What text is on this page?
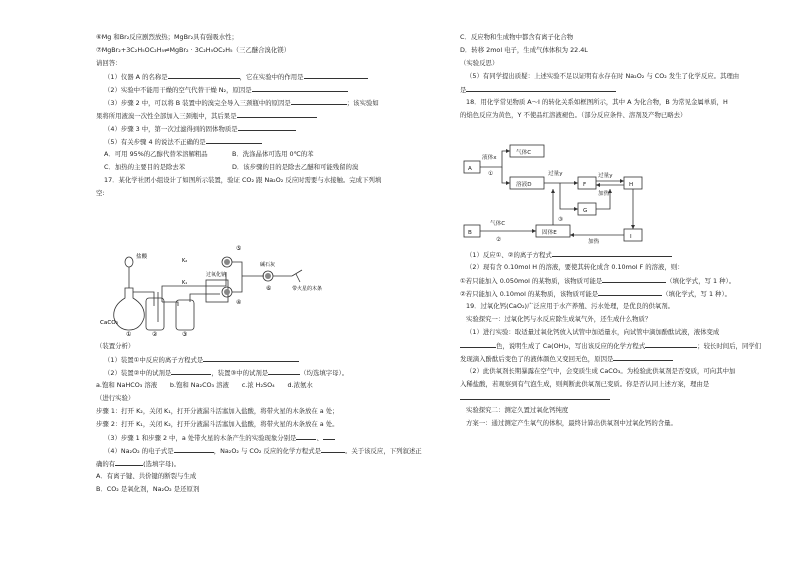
⑥Mg 和Br₂反应剧烈放热；MgBr₂具有强吸水性；
⑦MgBr₂+3C₂H₅OC₂H₅⇌MgBr₂ · 3C₂H₅OC₂H₅（三乙醚合溴化镁）
请回答：
（1）仪器 A 的名称是	，它在实验中的作用是
（2）实验中不能用干燥的空气代替干燥 N₂，原因是
（3）步骤 2 中，可以将 B 装置中的溴完全导入三颈瓶中的原因是	；该实验如
果将所用液溴一次性全部加入三颈瓶中，其后果是
（4）步骤 3 中，第一次过滤得到的固体物质是
（5）有关步骤 4 的说法不正确的是
A．可用 95%的乙醇代替苯溶解粗品	B．洗涤晶体可选用 0℃的苯
C．加热的主要目的是除去苯	D．该步骤的目的是除去乙醚和可能残留的溴
17．某化学社团小组设计了如图所示装置，验证 CO₂ 跟 Na₂O₂ 反应时需要与水接触。完成下列填
空:
盐酸
CaCO₃
K₁
K₂
过氧化钠
碱石灰
带火星的木条
①	②	③
④
⑤
⑥
（装置分析）
（1）装置①中反应的离子方程式是
（2）装置②中的试剂是	，装置③中的试剂是	（均选填字母）。
a.饱和 NaHCO₃ 溶液　　b.饱和 Na₂CO₃ 溶液　　c.浓 H₂SO₄　　d.浓氨水
（进行实验）
步骤 1：打开 K₂，关闭 K₁，打开分液漏斗活塞加入盐酸，将带火星的木条放在 a 处；
步骤 2：打开 K₁，关闭 K₂，打开分液漏斗活塞加入盐酸，将带火星的木条放在 a 处。
（3）步骤 1 和步骤 2 中，a 处带火星的木条产生的实验现象分别是	、
（4）Na₂O₂ 的电子式是	，Na₂O₂ 与 CO₂ 反应的化学方程式是	。关于该反应，下列叙述正
确的有	(选填字母)。
A．有离子键、共价键的断裂与生成
B．CO₂ 是氧化剂，Na₂O₂ 是还原剂
C．反应物和生成物中都含有离子化合物
D．转移 2mol 电子，生成气体体积为 22.4L
（实验反思）
（5）有同学提出质疑：上述实验不足以证明有水存在时 Na₂O₂ 与 CO₂ 发生了化学反应。其理由
是
18．用化学常见物质 A～I 的转化关系如框图所示，其中 A 为化合物，B 为常见金属单质，H
的焰色反应为黄色，Y 不使品红溶液褪色。（部分反应条件、溶剂及产物已略去）
A
气体C
溶液D	F
G
H
B	固体E
I
液体x
①
气体C
②
过量y	过量y
加热
加热
③
（1）反应①、②的离子方程式
（2）现有含 0.10mol H 的溶液，要使其转化成含 0.10mol F 的溶液，则：
①若只能加入 0.050mol 的某物质，该物质可能是	（填化学式，写 1 种）。
②若只能加入 0.10mol 的某物质，该物质可能是	（填化学式，写 1 种）。
19．过氧化钙(CaO₂)广泛应用于水产养殖、污水处理，是优良的供氧剂。
实验探究一：过氧化钙与水反应除生成氧气外，还生成什么物质？
（1）进行实验：取适量过氧化钙放入试管中加适量水，向试管中滴加酚酞试液，液体变成
色，说明生成了 Ca(OH)₂，写出该反应的化学方程式	；较长时间后，同学们
发现滴入酚酞后变色了的液体颜色又变回无色，原因是
（2）此供氧剂长期暴露在空气中，会变质生成 CaCO₃。为检验此供氧剂是否变质，可向其中加
入稀盐酸，若观察到有气泡生成，则判断此供氧剂已变质。你是否认同上述方案，理由是
实验探究二：测定久置过氧化钙纯度
方案一：通过测定产生氧气的体积，最终计算出供氧剂中过氧化钙的含量。
